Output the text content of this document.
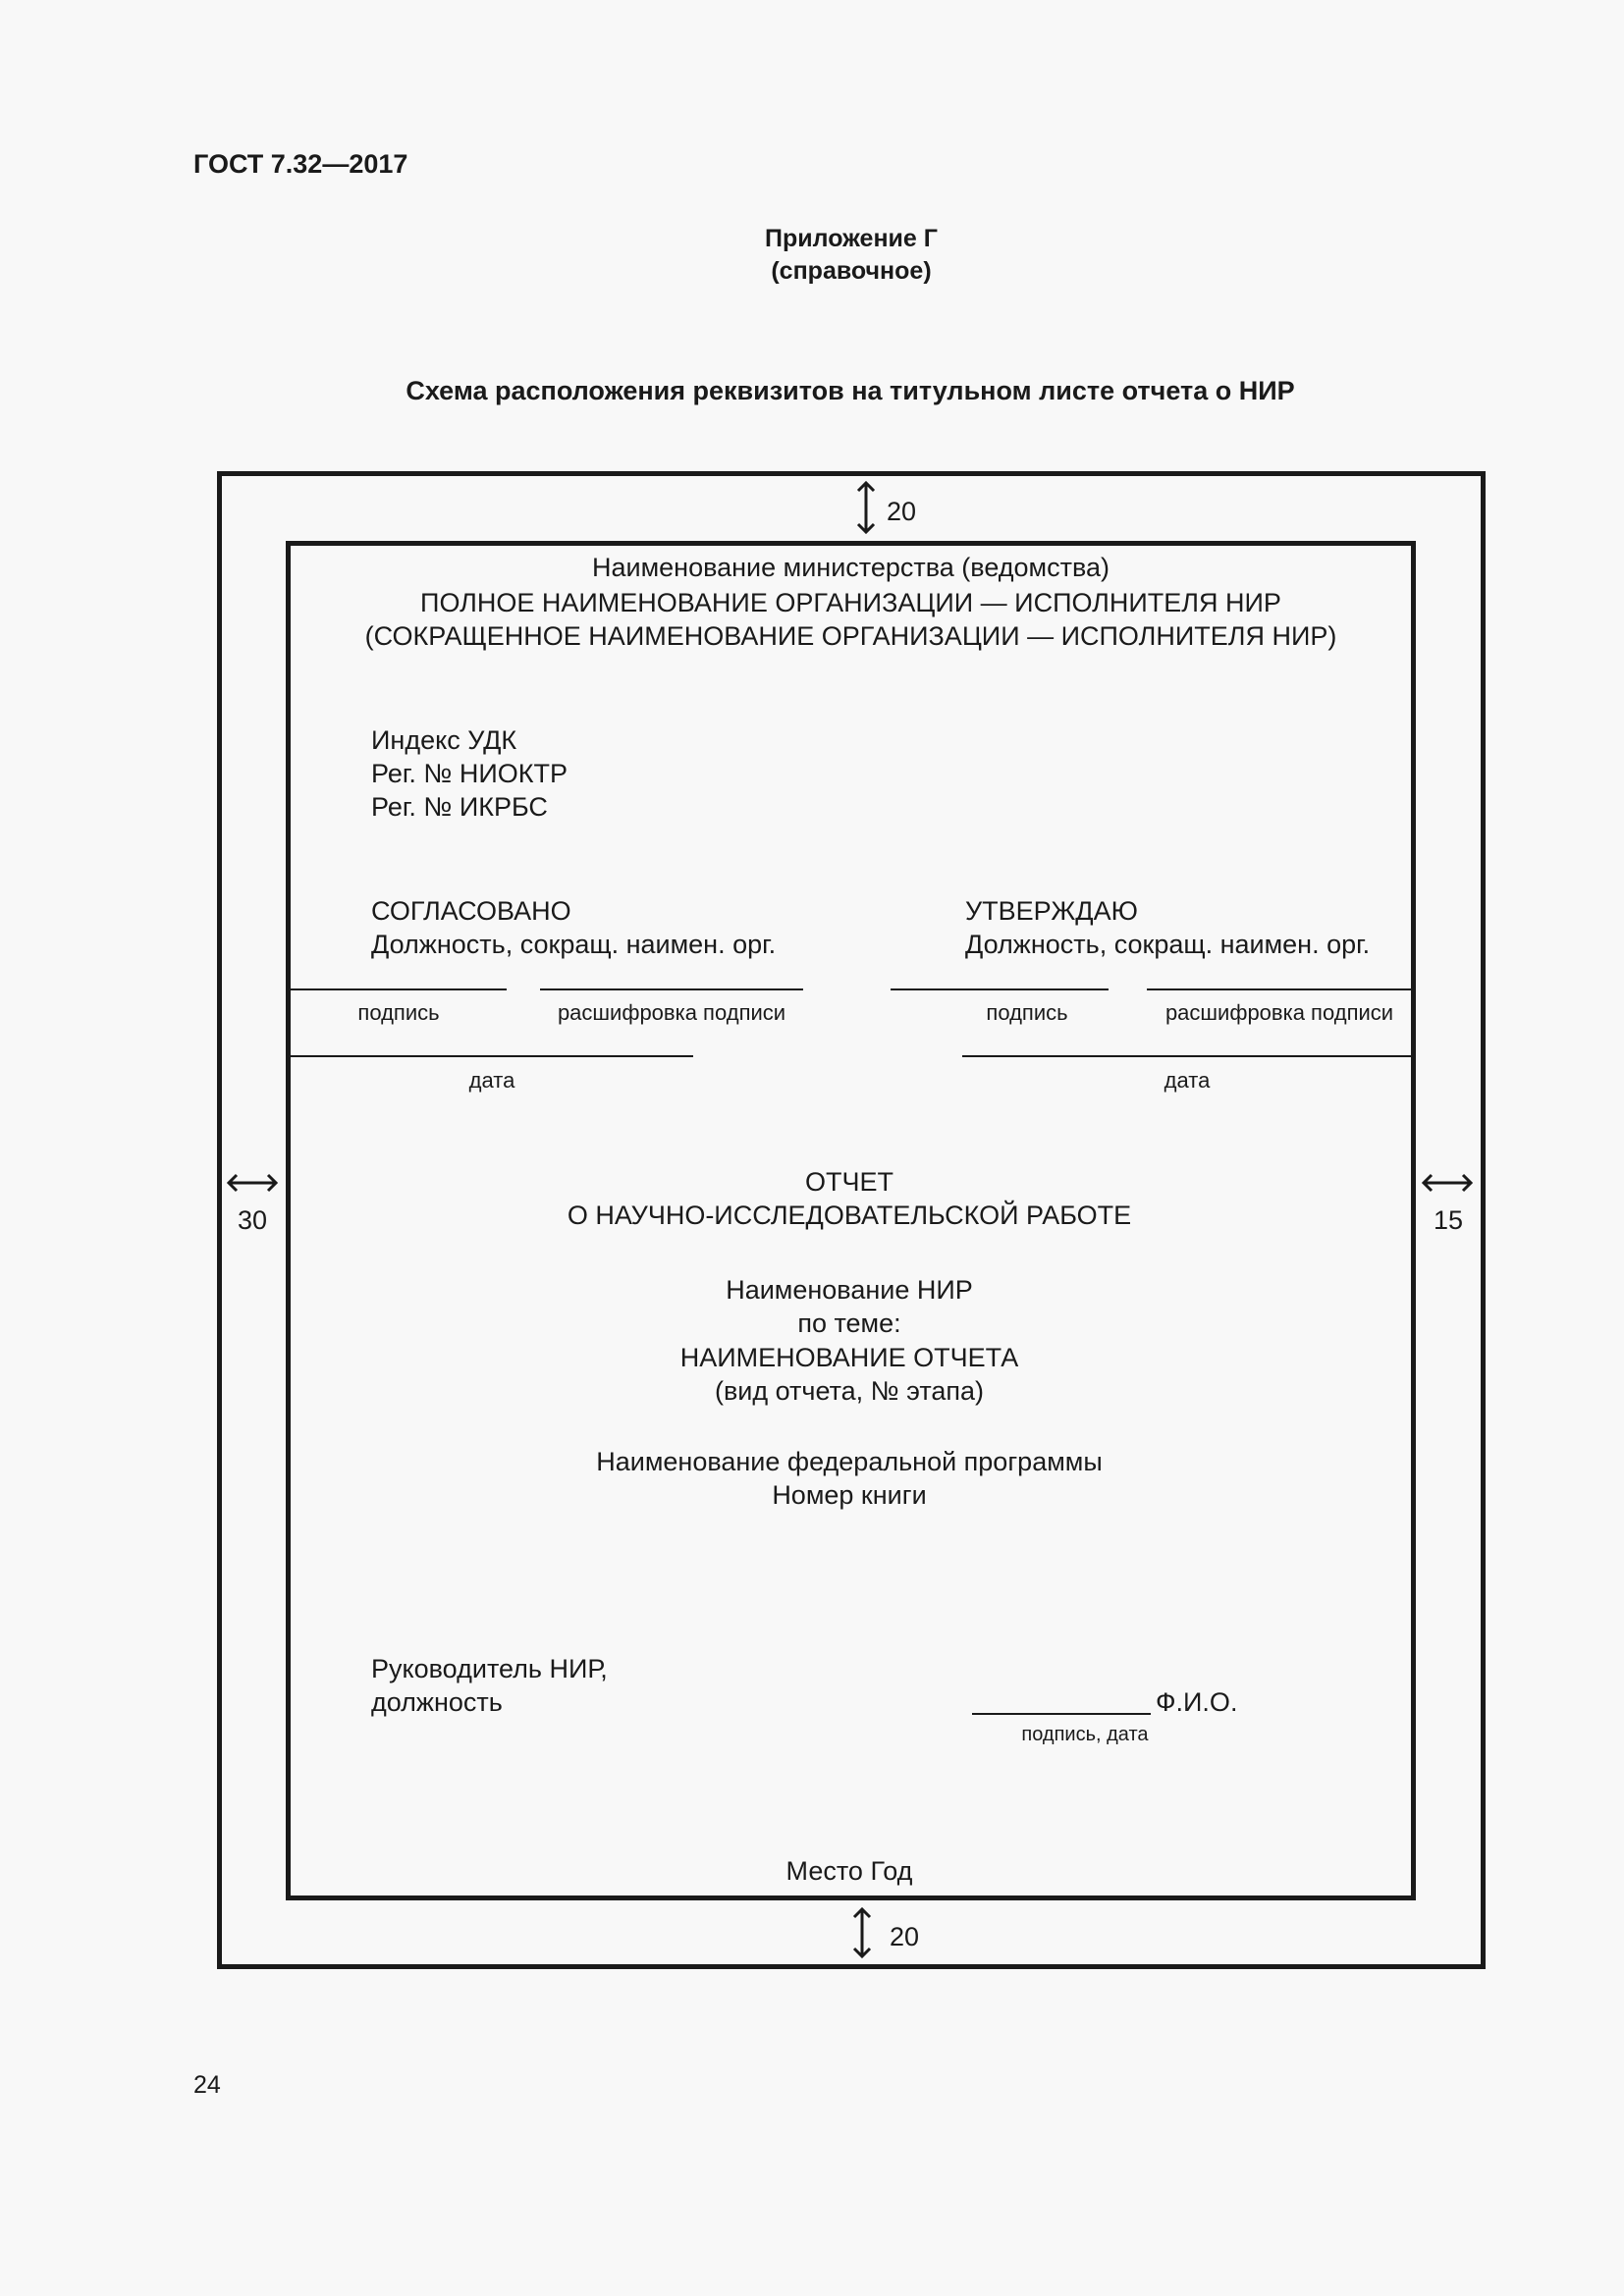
ГОСТ 7.32—2017
Приложение Г
(справочное)
Схема расположения реквизитов на титульном листе отчета о НИР
20
20
30	15
Наименование министерства (ведомства)
ПОЛНОЕ НАИМЕНОВАНИЕ ОРГАНИЗАЦИИ — ИСПОЛНИТЕЛЯ НИР
(СОКРАЩЕННОЕ НАИМЕНОВАНИЕ ОРГАНИЗАЦИИ — ИСПОЛНИТЕЛЯ НИР)
Индекс УДК
Рег. № НИОКТР
Рег. № ИКРБС
СОГЛАСОВАНО
Должность, сокращ. наимен. орг.
подпись	расшифровка подписи
дата
УТВЕРЖДАЮ
Должность, сокращ. наимен. орг.
подпись	расшифровка подписи
дата
ОТЧЕТ
О НАУЧНО-ИССЛЕДОВАТЕЛЬСКОЙ РАБОТЕ
Наименование НИР
по теме:
НАИМЕНОВАНИЕ ОТЧЕТА
(вид отчета, № этапа)
Наименование федеральной программы
Номер книги
Руководитель НИР,
должность	Ф.И.О.
подпись, дата
Место Год
24
